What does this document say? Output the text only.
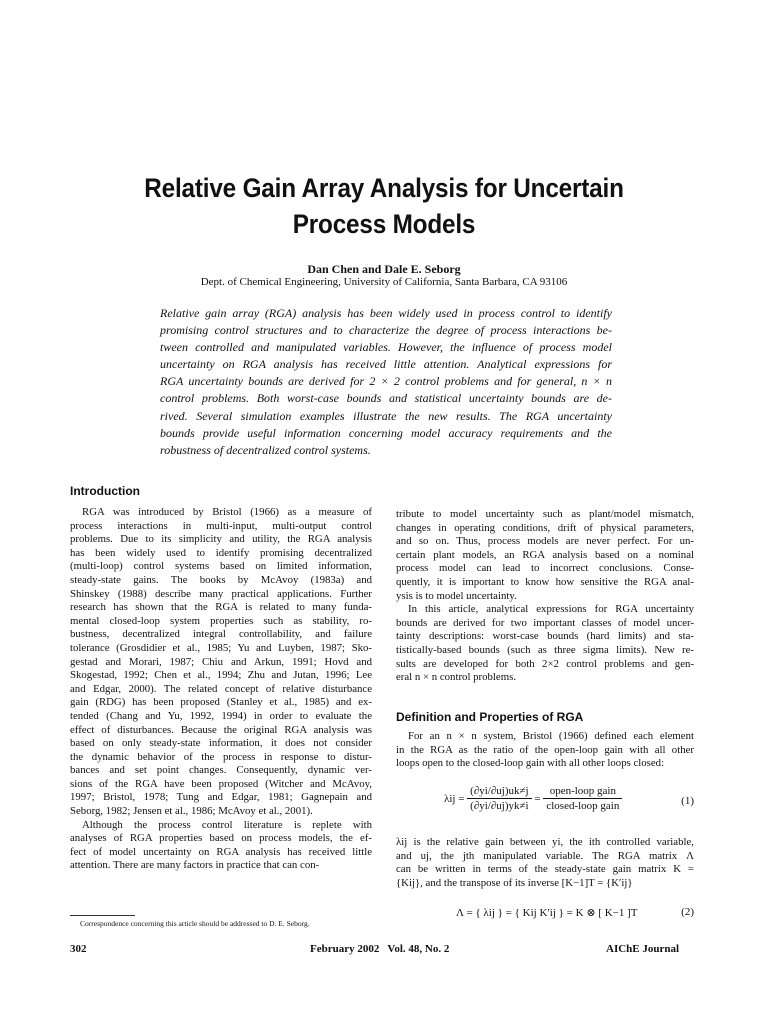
Relative Gain Array Analysis for Uncertain
Process Models
Dan Chen and Dale E. Seborg
Dept. of Chemical Engineering, University of California, Santa Barbara, CA 93106
Relative gain array (RGA) analysis has been widely used in process control to identify
promising control structures and to characterize the degree of process interactions be-
tween controlled and manipulated variables. However, the influence of process model
uncertainty on RGA analysis has received little attention. Analytical expressions for
RGA uncertainty bounds are derived for 2 × 2 control problems and for general, n × n
control problems. Both worst-case bounds and statistical uncertainty bounds are de-
rived. Several simulation examples illustrate the new results. The RGA uncertainty
bounds provide useful information concerning model accuracy requirements and the
robustness of decentralized control systems.
Introduction
RGA was introduced by Bristol (1966) as a measure of
process interactions in multi-input, multi-output control
problems. Due to its simplicity and utility, the RGA analysis
has been widely used to identify promising decentralized
(multi-loop) control systems based on limited information,
steady-state gains. The books by McAvoy (1983a) and
Shinskey (1988) describe many practical applications. Further
research has shown that the RGA is related to many funda-
mental closed-loop system properties such as stability, ro-
bustness, decentralized integral controllability, and failure
tolerance (Grosdidier et al., 1985; Yu and Luyben, 1987; Sko-
gestad and Morari, 1987; Chiu and Arkun, 1991; Hovd and
Skogestad, 1992; Chen et al., 1994; Zhu and Jutan, 1996; Lee
and Edgar, 2000). The related concept of relative disturbance
gain (RDG) has been proposed (Stanley et al., 1985) and ex-
tended (Chang and Yu, 1992, 1994) in order to evaluate the
effect of disturbances. Because the original RGA analysis was
based on only steady-state information, it does not consider
the dynamic behavior of the process in response to distur-
bances and set point changes. Consequently, dynamic ver-
sions of the RGA have been proposed (Witcher and McAvoy,
1997; Bristol, 1978; Tung and Edgar, 1981; Gagnepain and
Seborg, 1982; Jensen et al., 1986; McAvoy et al., 2001).
Although the process control literature is replete with
analyses of RGA properties based on process models, the ef-
fect of model uncertainty on RGA analysis has received little
attention. There are many factors in practice that can con-
tribute to model uncertainty such as plant/model mismatch,
changes in operating conditions, drift of physical parameters,
and so on. Thus, process models are never perfect. For un-
certain plant models, an RGA analysis based on a nominal
process model can lead to incorrect conclusions. Conse-
quently, it is important to know how sensitive the RGA anal-
ysis is to model uncertainty.
In this article, analytical expressions for RGA uncertainty
bounds are derived for two important classes of model uncer-
tainty descriptions: worst-case bounds (hard limits) and sta-
tistically-based bounds (such as three sigma limits). New re-
sults are developed for both 2×2 control problems and gen-
eral n × n control problems.
Definition and Properties of RGA
For an n × n system, Bristol (1966) defined each element
in the RGA as the ratio of the open-loop gain with all other
loops open to the closed-loop gain with all other loops closed:
$\lambda ij = \frac{(\partial yi/\partial uj)uk\ne j}{(\partial yi/\partial uj)yk\ne i} = \frac{\text{open-loop gain}}{\text{closed-loop gain}}$	(1)
λij is the relative gain between yi, the ith controlled variable,
and uj, the jth manipulated variable. The RGA matrix Λ
can be written in terms of the steady-state gain matrix K =
{Kij}, and the transpose of its inverse [K−1]T = {K′ij}
Λ = { λij } = { Kij K′ij } = K ⊗ [ K−1 ]T	(2)
Correspondence concerning this article should be addressed to D. E. Seborg.
302	February 2002   Vol. 48, No. 2	AIChE Journal
